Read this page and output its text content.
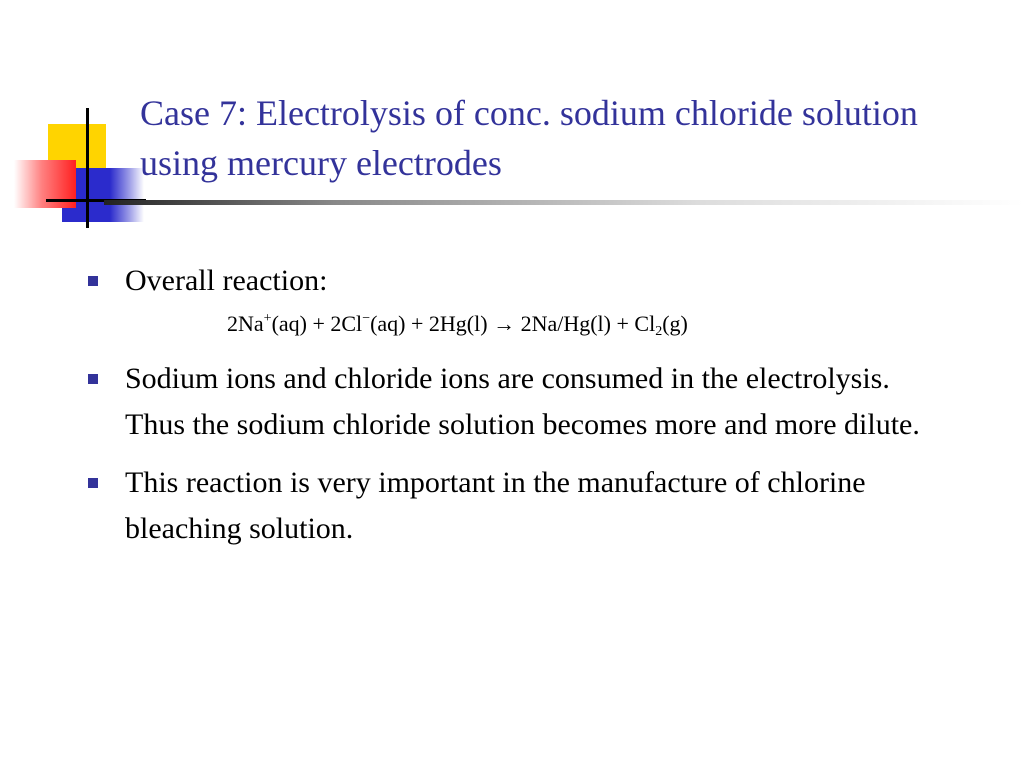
Case 7: Electrolysis of conc. sodium chloride solution using mercury electrodes
Overall reaction:
$2Na^+(aq) + 2Cl^-(aq) + 2Hg(l) \to 2Na/Hg(l) + Cl_2(g)$
Sodium ions and chloride ions are consumed in the electrolysis. Thus the sodium chloride solution becomes more and more dilute.
This reaction is very important in the manufacture of chlorine bleaching solution.
